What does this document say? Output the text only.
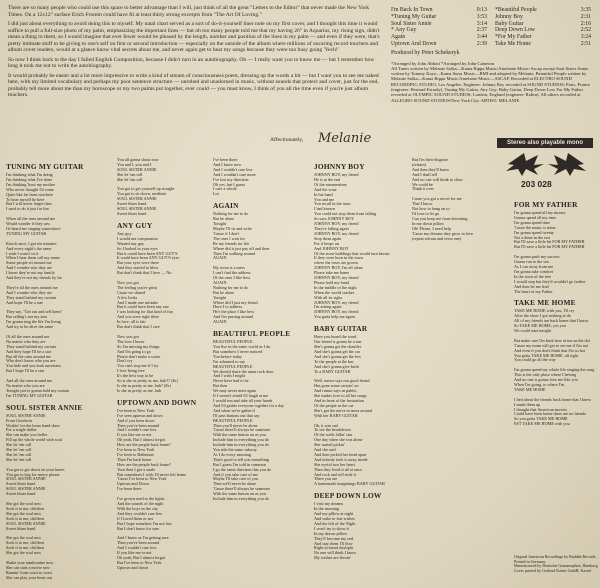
There are so many people who could use this space to better advantage than I will, just think of all the great "Letters to the Editor" that never made the New York Times. On a 12x12" surface Erich Fromm could have fit at least thirty strong excerpts from "The Art Of Loving."

I did just about everything to avoid doing this to myself. My natal chart served as a sort of do-it-yourself liner note on my first cover, and I thought this time it would suffice to pull a full-size photo of my palm, emphasizing the important lines — but oh too many people told me that my having 26° in Aquarius, my rising sign, didn't mean a thing to them, so I would imagine that ever fewer would be pleased by the length, number and position of the lines in my palm — and even if they were, that's pretty intimate stuff to be giving to one's self on first or second introduction — especially on the outside of the album where millions of uncaring record touchers and album cover readers, would at a glance know vital secrets about me, and never again get to hear my songs because they were too busy going 'Yech!'

So now I think back to the day I failed English Composition, because I didn't turn in an autobiography. Oh — I really want you to know me — but I remember how long it took me not to write the autobiography.

It would probably be easier and a lot more impressive to write a kind of stream of consciousness poem, dressing up the words a bit — but I want you to see me naked here, with my limited vocabulary and perhaps my poor sentence structure — unrobed and unadorned in music, without sounds that protect and cover, just for the end, probably tell more about me than my horoscope or my two palms put together, ever could — you must know, I think of you all the time even if you're just album touchers.

Affectionately, Melanie
I'm Back In Town	0:13
*Tuning My Guitar	3:53
Soul Sister Annie	3:14
* Any Guy	2:37
Again	3:44
Uptown And Down	2:39
*Beautiful People	3:35
Johnny Boy	2:31
Baby Guitar	2:16
Deep Down Low	2:52
*For My Father	3:24
Take Me Home	2:51
Produced by Peter Schekeryk
*Arranged by John Abbott *Arranged by John Cameron
All Tunes written by Melanie Safka—Kama Rippa Music/Amelanie Music-Ascap except Soul Sister Annie written by Tommy Kaye—Kama Sutra Music—BMI and adapted by Melanie. Beautiful People written by Melanie Safka—Kama Rippa Music/Amelanie Music—ASCAP. Recorded at ELECTRO SOUND RECORDING STUDIO; Los Angeles. Engineer: Johnny Boy recorded at SOUND STUDIOS; Paris, France (engineer: Bernard Estardy). Tuning My Guitar, Any Guy, Baby Guitar, Deep Down Low For My Father recorded at OLYMPIC SOUND STUDIOS; London, England (engineer: Robin). All others recorded at ALLEGRO SOUND STUDIOS/New York City. ARTIST: MELANIE
Stereo also playable mono
203 028
TUNING MY GUITAR
I'm thinking what I'm doing
I'm thinking what I've done
I'm thinking 'bout my mother
Who never thought I'd come
Quite like far from nowhere
To hear myself be here
But I will never forget then
I used to do it just for fun

When all the ones around me
Would wonder if they saw
Or heard me singing somewhere
TUNING MY GUITAR

Knock once, I got ten minutes
And every night's the same
I wish I wasn't in it
When I hear them call my name
Some people sit around me
And I wonder who they are
I know they're not my family
And they're not my friends by far

They're all the ones around me
And I wonder who they are
They stand behind my curtain
And hope I'll be a star

They say, "Get out and sell them"
But selling's not my aim
I'm gonna sing the life I'm living
And try to be alive the same

Of all the ones around me
No matter who they are
They stand behind my curtain
And they hope I'll be a star
But all the ones around me
Who don't know who you are
You hide and you look uncertain
But I hope I'll be a star

And all the ones around me
No matter who you are
Tonight you're gonna hold my curtain
I'm TUNING MY GUITAR
SOUL SISTER ANNIE
SOUL SISTER ANNIE
From Goodwin
Workin' for the brass band show
For a single dollar
She can make you holler
Fill up the whole world with soul
She let 'em roll
She let 'em roll
She let 'em roll
She let 'em roll

You got to get down on your knees
You got to beg for mercy please
SOUL SISTER ANNIE
Sweet blues band
SOUL SISTER ANNIE
Sweet blues band

She got the soul now
Sock it to me, children
She got the soul now
Sock it to me, children
SOUL SISTER ANNIE
Sweet blues band

She got the soul now
Sock it to me, children
Sock it to me, children
She got the soul now

Shake your tambourine now
She can start a movie now
Runnin' from coast to coast
She can play your heart out
You all gonna shout now
You and I, you and I
SOUL SISTER ANNIE
She let 'em roll
She let 'em roll

You got to get yourself up straight
You got to sit down, meditate
SOUL SISTER ANNIE
Sweet blues band
SOUL SISTER ANNIE
Sweet blues band
ANY GUY
Any guy
I would not compromise
Wanted any guy
So I looked in your eyes
But it could have been ANY GUY'S
It could have been ANY GUY'S eyes
But your eyes were there
And they started to blow
But don't think that I love — No.

Now you got
The feeling you're great
Cause we shared
A few looks
And I made one mistake
But it could have been any one
I was looking for that kind of fun
And you were right there
In love, all is fair
But don't think that I care

Now you got
The love I know
So I'm missing my things
And I'm going to go
Please don't make a scene
Don't cry
You can't stop me if I try
I love being free
It's the best way to be
So is she as pretty as me, huh?? (Er)
Is she as pretty as me, huh? (Er)
Is she as pretty as me, huh
UPTOWN AND DOWN
I've been to New York
I've seen uptown and down
And if you been down
Then you've been around
And I couldn't care less
If you like me or not
Oh yeah, But I almost forgot
How are the people back home?
I've been to New York
I've been to Baltimore
Then I'm back home
How are the people back home?
Turn then I got a smile
But sometimes I wish I'd never left home
'Cause I've been to New York
Uptown and Down
I've been there

I've grown used to the lights
And the sounds of the night
With the boys in the city
And they couldn't care less
If I loved them or not
But I hope somehow I'm not lost
But I don't know for sure

And I know as I'm getting sure
Then you've been around
And I couldn't care less
If you like me or not
Oh yeah, But I almost forgot
But I've been to New York
Uptown and down
I've been there
And I know now
And I couldn't care less
And I wouldn't care more
I've lost my direction
Oh yes, but I guess
I care a whole
Lot
AGAIN
Nothing for me to do
But be alone
Tonight
Maybe I'll sit and write
'Cause if I don't
The ones I wait for
Be my friends for life
Where did it just pay off and then
Then I'm walking around
AGAIN

My room is a mess
I can't find the address
Of the ones I like best
AGAIN
Nothing for me to do
But be alone
Tonight
Where did I just my friend
Have I to address
He's the place I like best
And I'm passing around
AGAIN
BEAUTIFUL PEOPLE
BEAUTIFUL PEOPLE
You live in the same world as I do
But somehow I never noticed
You before today
I'm ashamed to say
BEAUTIFUL PEOPLE
We should share the same rock door
And I wish I might
Never have had to be
But then
We may never meet again
If I weren't afraid I'd laugh at me
I would run and take all your hands
And I'd gather everyone together for a day
And when we're gather'd
I'll pass buttons out that say
BEAUTIFUL PEOPLE
Then you'll never be alone
'Cause there'll always be someone
With the same button on as you
Include him in everything you do
Include him in everything you do
You ride the same subway
As I do every morning
That's good to tell you something
But I guess I'm told in common
I go the same direction that you do
And if you take care of me
Maybe I'll take care of you
Then we'll never be alone
'Cause there'll always be someone
With the same button on as you
Include him in everything you do
JOHNNY BOY
JOHNNY BOY, my friend
He is at the end
Of the summertime
And the wine
In his hand
You and me
You recall in the tears
I had known
You could not stop them from falling
So says JOHNNY BOY
JOHNNY BOY, my friend
They're falling again
JOHNNY BOY, my friend
Stop them again
For it keeps on
And JOHNNY BOY
Of the stone buildings that would turn brown
If they were born in the town
where the roses are grown
JOHNNY BOY, I'm all alone
Please take me home
JOHNNY BOY, my friend
Please hold my hand
In the middle of the night
When the world crashes
With all its sighs
JOHNNY BOY, my friend
I'm asking again
JOHNNY BOY, my friend
You gotta help me again
BABY GUITAR
Have you heard the word
Our friend is gonna be a star
She's gonna get the chauffer
And she's gonna get the car
And she's gonna get the few
To the people at the bar
And she's gonna give birth
To a BABY GUITAR

Well, rumor says our good friend
Has gone some carryin' on
And rumor says in public
She makes love to all her songs
And in front of the frustration
Of the people in the car
She's got the nerve to mess around
With her BABY GUITAR

Oh, it was sad
To see the breakdown
Of the walls fallin' star
One day when she was alone
She started pickin'
And she said
And then picked her head apart
And nobody took it away inside
She eyeful two her heart
Then they lived it all at once
And rock and roll stole it
There you are
A homemade imaginings BABY GUITAR
DEEP DOWN LOW
I visit my dreams
In the morning
And my pillow at night
And wake to lost wishes
And the left of the Night
I won't try to show it
In my drawn pillow
They'll become my reel
And stay them I'll flow
Right in broad daylight
No one will think I know
My wishes are flowin'
But I'm their disguise
(refrain)
And then they'll know
And I shall tell
And no one will think to show
We could be
Think it over

Cause you got a secret for me
That I know
Not how to hang on to
I'd love to let go
Can you keep me from drowning
In my down pillow
Oh! Please, I need help
'Cause my dreams they grow in love
(repeat refrain and verse one)
FOR MY FATHER
I'm gonna spend all my money
Gonna spend all my time
I'm gonna spend time
'Cause the music is mine
I'm gonna spend twenty
Not a dime in the rest
But I'll save a little bit FOR MY FATHER
But I'll save a little bit FOR MY FATHER

I'm gonna push my success
Gonna run to the sea
As I can away from me
I'm gonna take comfort
In the town of the tree
I would stop but they'd wouldn't go farther
And then let me find
The heart of my Father
TAKE ME HOME
TAKE ME HOME with you, I'll cry
After the show I got nothing to do
All of my friends are back home that I know
So TAKE ME HOME, yes you
We could start tonight

But make sure I'm back here at ten on the dot
'Cause my mom will get to see me if I'm not
And even if you don't think that I'm so hot
You gotta TAKE ME HOME, all right
You could go all the way

I'm gonna spend my whole life singing the song
This is the only place where I belong
And no one is gonna love me like you
When I'm going, to where I'm
TAKE ME HOME

I lied about the friends back home that I knew
I made them up
I thought that American movies
Could have been home there are no friends
So you gotta TAKE ME HOME
EST TAKE ME HOME with you
Original American Recordings by Buddah Records
Printed in Germany
Manufactured by Deutsche Grammophon, Hamburg
Cover printed by Gerhard Kaiser GmbH, Kassel
